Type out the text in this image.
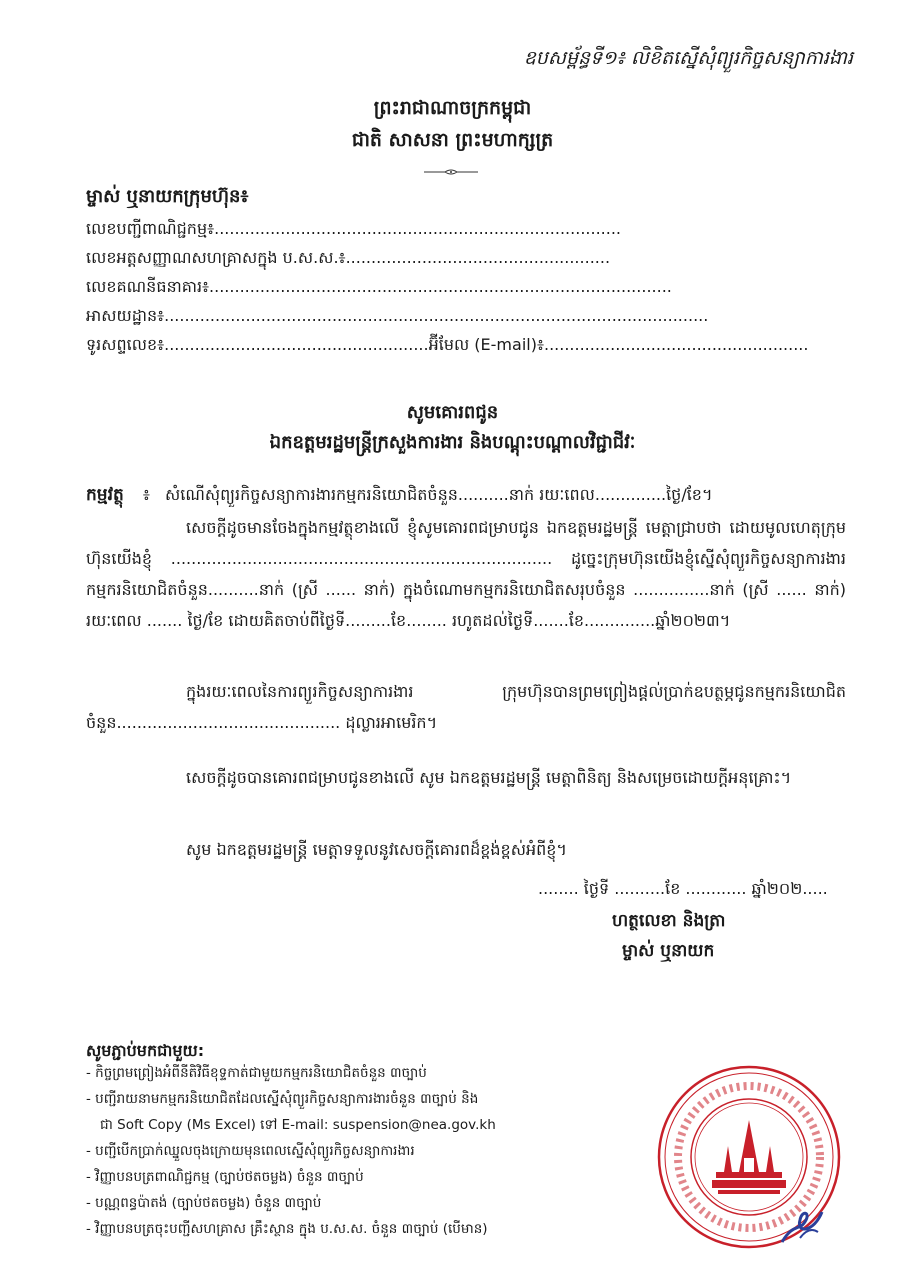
ឧបសម្ព័ន្ធទី១៖ លិខិតស្នើសុំព្យួរកិច្ចសន្យាការងារ
ព្រះរាជាណាចក្រកម្ពុជា
ជាតិ សាសនា ព្រះមហាក្សត្រ
ម្ចាស់ ឬនាយកក្រុមហ៊ុន៖
លេខបញ្ជីពាណិជ្ជកម្ម៖................................................................................
លេខអត្តសញ្ញាណសហគ្រាសក្នុង ប.ស.ស.៖....................................................
លេខគណនីធនាគារ៖...........................................................................................
អាសយដ្ឋាន៖...........................................................................................................
ទូរសព្ទលេខ៖....................................................អ៊ីមែល (E-mail)៖....................................................
សូមគោរពជូន
ឯកឧត្តមរដ្ឋមន្ត្រីក្រសួងការងារ និងបណ្តុះបណ្តាលវិជ្ជាជីវៈ
កម្មវត្ថុ ៖ សំណើសុំព្យួរកិច្ចសន្យាការងារកម្មករនិយោជិតចំនួន..........នាក់ រយៈពេល..............ថ្ងៃ/ខែ។
សេចក្តីដូចមានចែងក្នុងកម្មវត្ថុខាងលើ ខ្ញុំសូមគោរពជម្រាបជូន ឯកឧត្តមរដ្ឋមន្ត្រី មេត្តាជ្រាបថា ដោយមូលហេតុក្រុមហ៊ុនយើងខ្ញុំ ........................................................................... ដូច្នេះក្រុមហ៊ុនយើងខ្ញុំស្នើសុំព្យួរកិច្ចសន្យាការងារកម្មករនិយោជិតចំនួន..........នាក់ (ស្រី ...... នាក់) ក្នុងចំណោមកម្មករនិយោជិតសរុបចំនួន ...............នាក់ (ស្រី ...... នាក់) រយៈពេល ....... ថ្ងៃ/ខែ ដោយគិតចាប់ពីថ្ងៃទី.........ខែ........ រហូតដល់ថ្ងៃទី.......ខែ..............ឆ្នាំ២០២៣។
ក្នុងរយៈពេលនៃការព្យួរកិច្ចសន្យាការងារ ក្រុមហ៊ុនបានព្រមព្រៀងផ្តល់ប្រាក់ឧបត្ថម្ភជូនកម្មករនិយោជិតចំនួន............................................ ដុល្លារអាមេរិក។
សេចក្តីដូចបានគោរពជម្រាបជូនខាងលើ សូម ឯកឧត្តមរដ្ឋមន្ត្រី មេត្តាពិនិត្យ និងសម្រេចដោយក្តីអនុគ្រោះ។
សូម ឯកឧត្តមរដ្ឋមន្ត្រី មេត្តាទទួលនូវសេចក្តីគោរពដ៏ខ្ពង់ខ្ពស់អំពីខ្ញុំ។
........ ថ្ងៃទី ..........ខែ ............ ឆ្នាំ២០២.....
ហត្ថលេខា និងត្រា
ម្ចាស់ ឬនាយក
សូមភ្ជាប់មកជាមួយ:
- កិច្ចព្រមព្រៀងអំពីនីតិវិធីខុទ្ទកាត់ជាមួយកម្មករនិយោជិតចំនួន ៣ច្បាប់
- បញ្ជីរាយនាមកម្មករនិយោជិតដែលស្នើសុំព្យួរកិច្ចសន្យាការងារចំនួន ៣ច្បាប់ និង
ជា Soft Copy (Ms Excel) ទៅ E-mail: suspension@nea.gov.kh
- បញ្ជីបើកប្រាក់ឈ្នួលចុងក្រោយមុនពេលស្នើសុំព្យួរកិច្ចសន្យាការងារ
- វិញ្ញាបនបត្រពាណិជ្ជកម្ម (ច្បាប់ថតចម្លង) ចំនួន ៣ច្បាប់
- បណ្ណពន្ធប៉ាតង់ (ច្បាប់ថតចម្លង) ចំនួន ៣ច្បាប់
- វិញ្ញាបនបត្រចុះបញ្ជីសហគ្រាស គ្រឹះស្ថាន ក្នុង ប.ស.ស. ចំនួន ៣ច្បាប់ (បើមាន)
